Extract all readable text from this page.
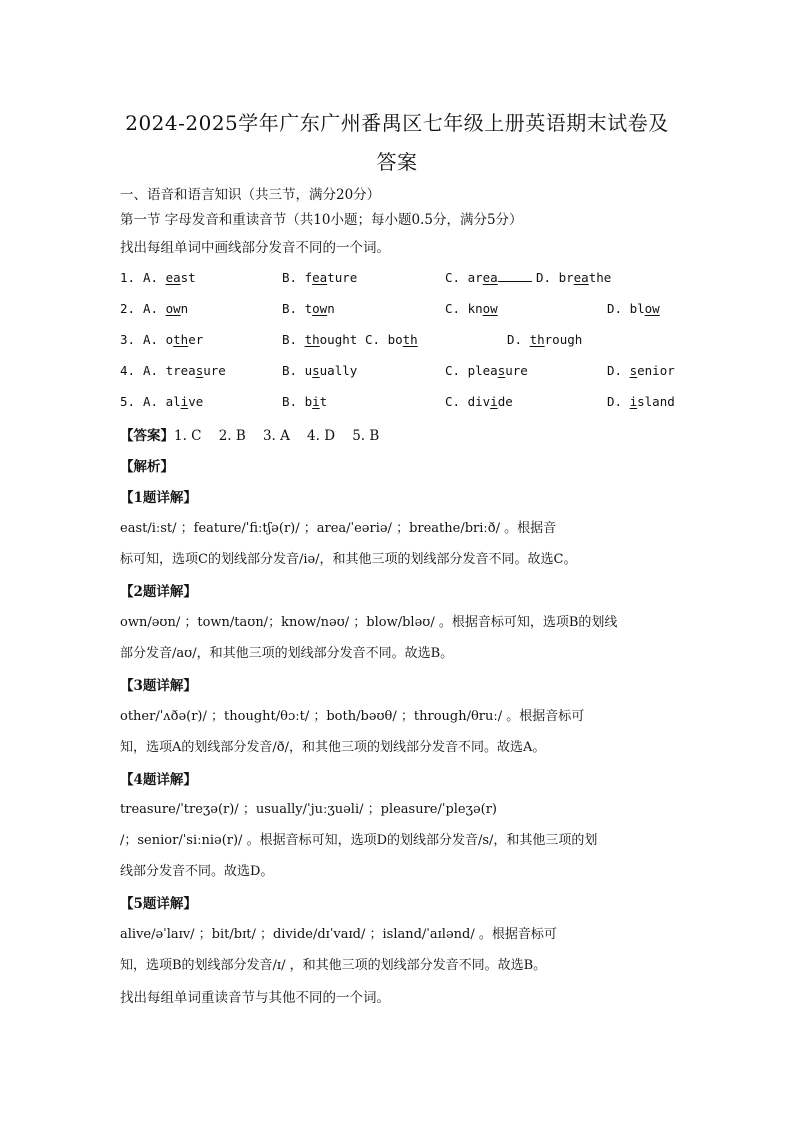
2024-2025学年广东广州番禺区七年级上册英语期末试卷及
答案
一、语音和语言知识（共三节，满分20分）
第一节 字母发音和重读音节（共10小题；每小题0.5分，满分5分）
找出每组单词中画线部分发音不同的一个词。
1. A. east	B. feature	C. area	D. breathe
2. A. own	B. town	C. know	D. blow
3. A. other	B. thought C. both	D. through
4. A. treasure	B. usually	C. pleasure	D. senior
5. A. alive	B. bit	C. divide	D. island
【答案】1. C 2. B 3. A 4. D 5. B
【解析】
【1题详解】
east/iːst/ ；feature/ˈfiːtʃə(r)/ ；area/ˈeəriə/ ；breathe/briːð/ 。根据音
标可知，选项C的划线部分发音/iə/，和其他三项的划线部分发音不同。故选C。
【2题详解】
own/əʊn/ ；town/taʊn/；know/nəʊ/ ；blow/bləʊ/ 。根据音标可知，选项B的划线
部分发音/aʊ/，和其他三项的划线部分发音不同。故选B。
【3题详解】
other/ˈʌðə(r)/ ；thought/θɔːt/ ；both/bəʊθ/ ；through/θruː/ 。根据音标可
知，选项A的划线部分发音/ð/，和其他三项的划线部分发音不同。故选A。
【4题详解】
treasure/ˈtreʒə(r)/ ；usually/ˈjuːʒuəli/ ；pleasure/ˈpleʒə(r)
/；senior/ˈsiːniə(r)/ 。根据音标可知，选项D的划线部分发音/s/，和其他三项的划
线部分发音不同。故选D。
【5题详解】
alive/əˈlaɪv/ ；bit/bɪt/ ；divide/dɪˈvaɪd/ ；island/ˈaɪlənd/ 。根据音标可
知，选项B的划线部分发音/ɪ/ ，和其他三项的划线部分发音不同。故选B。
找出每组单词重读音节与其他不同的一个词。
